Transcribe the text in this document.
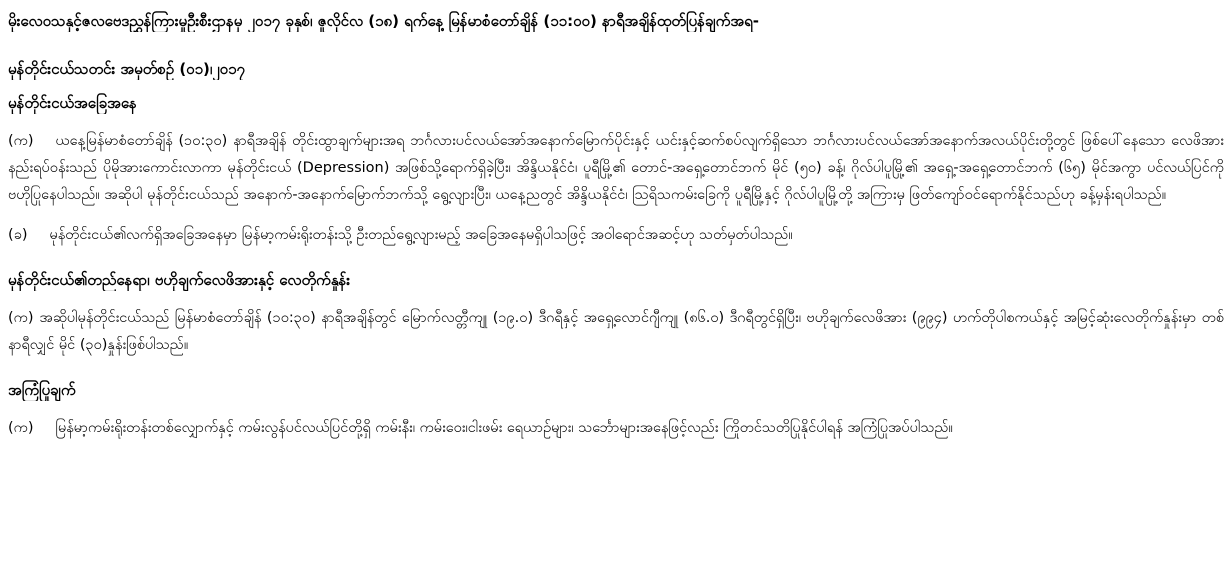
မိုးလေဝသနှင့်ဇလဗေဒညွှန်ကြားမှုဦးစီးဌာနမှ ၂၀၁၇ ခုနှစ်၊ ဇူလိုင်လ (၁၈) ရက်နေ့ မြန်မာစံတော်ချိန် (၁၁:၀၀) နာရီအချိန်ထုတ်ပြန်ချက်အရ-
မုန်တိုင်းငယ်သတင်း အမှတ်စဉ် (၀၁)၊၂၀၁၇
မုန်တိုင်းငယ်အခြေအနေ
(က) ယနေ့မြန်မာစံတော်ချိန် (၁၀:၃၀) နာရီအချိန် တိုင်းထွာချက်များအရ ဘင်္ဂလားပင်လယ်အော်အနောက်မြောက်ပိုင်းနှင့် ယင်းနှင့်ဆက်စပ်လျက်ရှိသော ဘင်္ဂလားပင်လယ်အော်အနောက်အလယ်ပိုင်းတို့တွင် ဖြစ်ပေါ်နေသော လေဖိအားနည်းရပ်ဝန်းသည် ပိုမိုအားကောင်းလာကာ မုန်တိုင်းငယ် (Depression) အဖြစ်သို့ရောက်ရှိခဲ့ပြီး၊ အိန္ဒိယနိုင်ငံ၊ ပူရီမြို့၏ တောင်-အရှေ့တောင်ဘက် မိုင် (၅၀) ခန့်၊ ဂိုလ်ပါပူမြို့၏ အရှေ့-အရှေ့တောင်ဘက် (၆၅) မိုင်အကွာ ပင်လယ်ပြင်ကို ဗဟိုပြုနေပါသည်။ အဆိုပါ မုန်တိုင်းငယ်သည် အနောက်-အနောက်မြောက်ဘက်သို့ ရွေ့လျားပြီး၊ ယနေ့ညတွင် အိန္ဒိယနိုင်ငံ၊ သြရိသကမ်းခြေကို ပူရီမြို့နှင့် ဂိုလ်ပါပူမြို့တို့ အကြားမှ ဖြတ်ကျော်ဝင်ရောက်နိုင်သည်ဟု ခန့်မှန်းရပါသည်။
(ခ) မုန်တိုင်းငယ်၏လက်ရှိအခြေအနေမှာ မြန်မာ့ကမ်းရိုးတန်းသို့ ဦးတည်ရွေ့လျားမည့် အခြေအနေမရှိပါသဖြင့် အဝါရောင်အဆင့်ဟု သတ်မှတ်ပါသည်။
မုန်တိုင်းငယ်၏တည်နေရာ၊ ဗဟိုချက်လေဖိအားနှင့် လေတိုက်နှုန်း
(က) အဆိုပါမုန်တိုင်းငယ်သည် မြန်မာစံတော်ချိန် (၁၀:၃၀) နာရီအချိန်တွင် မြောက်လတ္တီကျု (၁၉.၀) ဒီဂရီနှင့် အရှေ့လောင်ဂျီကျု (၈၆.၀) ဒီဂရီတွင်ရှိပြီး၊ ဗဟိုချက်လေဖိအား (၉၉၄) ဟက်တိုပါစကယ်နှင့် အမြင့်ဆုံးလေတိုက်နှုန်းမှာ တစ်နာရီလျှင် မိုင် (၃၀)နှုန်းဖြစ်ပါသည်။
အကြံပြုချက်
(က) မြန်မာ့ကမ်းရိုးတန်းတစ်လျှောက်နှင့် ကမ်းလွန်ပင်လယ်ပြင်တို့ရှိ ကမ်းနီး၊ ကမ်းဝေး၊ငါးဖမ်း ရေယာဉ်များ၊ သင်္ဘောများအနေဖြင့်လည်း ကြိုတင်သတိပြုနိုင်ပါရန် အကြံပြုအပ်ပါသည်။
